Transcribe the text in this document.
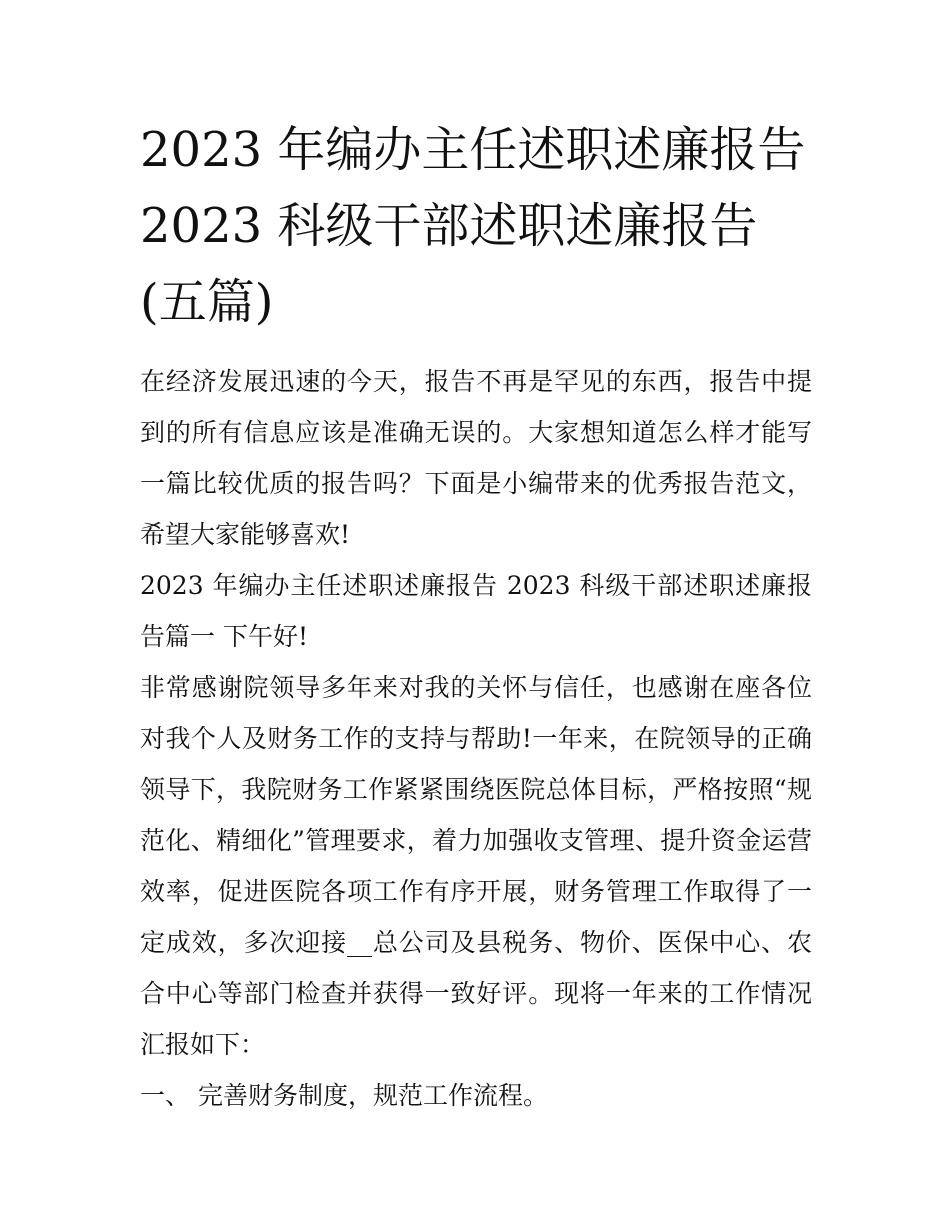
2023 年编办主任述职述廉报告
2023 科级干部述职述廉报告
(五篇)

在经济发展迅速的今天，报告不再是罕见的东西，报告中提到的所有信息应该是准确无误的。大家想知道怎么样才能写一篇比较优质的报告吗？下面是小编带来的优秀报告范文，希望大家能够喜欢!

2023 年编办主任述职述廉报告 2023 科级干部述职述廉报告篇一 下午好!

非常感谢院领导多年来对我的关怀与信任，也感谢在座各位对我个人及财务工作的支持与帮助!一年来，在院领导的正确领导下，我院财务工作紧紧围绕医院总体目标，严格按照“规范化、精细化”管理要求，着力加强收支管理、提升资金运营效率，促进医院各项工作有序开展，财务管理工作取得了一定成效，多次迎接__总公司及县税务、物价、医保中心、农合中心等部门检查并获得一致好评。现将一年来的工作情况汇报如下：

一、 完善财务制度，规范工作流程。
